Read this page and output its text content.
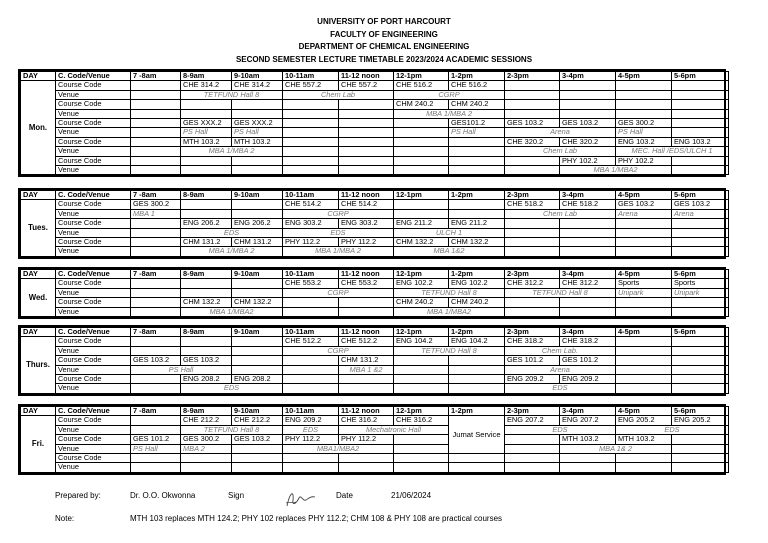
UNIVERSITY OF PORT HARCOURT
FACULTY OF ENGINEERING
DEPARTMENT OF CHEMICAL ENGINEERING
SECOND SEMESTER LECTURE TIMETABLE 2023/2024 ACADEMIC SESSIONS
DAY	C. Code/Venue	7 -8am	8-9am	9-10am	10-11am	11-12 noon	12-1pm	1-2pm	2-3pm	3-4pm	4-5pm	5-6pm
Mon.	Course Code		CHE 314.2	CHE 314.2	CHE 557.2	CHE 557.2	CHE 516.2	CHE 516.2				
	Venue		TETFUND Hall 8		Chem Lab		CGRP					
	Course Code						CHM 240.2	CHM 240.2				
	Venue						MBA 1/MBA 2					
	Course Code		GES XXX.2	GES XXX.2				GES101.2	GES 103.2	GES 103.2	GES 300.2	
	Venue		PS Hall	PS Hall				PS Hall	Arena		PS Hall	
	Course Code		MTH 103.2	MTH 103.2					CHE 320.2	CHE 320.2	ENG 103.2	ENG 103.2
	Venue		MBA 1/MBA 2						Chem Lab		MEC. Hall /EDS/ULCH 1	
	Course Code									PHY 102.2	PHY 102.2	
	Venue									MBA 1/MBA2		
DAY	C. Code/Venue	7 -8am	8-9am	9-10am	10-11am	11-12 noon	12-1pm	1-2pm	2-3pm	3-4pm	4-5pm	5-6pm
Tues.	Course Code	GES 300.2			CHE 514.2	CHE 514.2			CHE 518.2	CHE 518.2	GES 103.2	GES 103.2
	Venue	MBA 1			CGRP				Chem Lab		Arena	Arena
	Course Code		ENG 206.2	ENG 206.2	ENG 303.2	ENG 303.2	ENG 211.2	ENG 211.2				
	Venue		EDS		EDS		ULCH 1					
	Course Code		CHM 131.2	CHM 131.2	PHY 112.2	PHY 112.2	CHM 132.2	CHM 132.2				
	Venue		MBA 1/MBA 2		MBA 1/MBA 2		MBA 1&2					
DAY	C. Code/Venue	7 -8am	8-9am	9-10am	10-11am	11-12 noon	12-1pm	1-2pm	2-3pm	3-4pm	4-5pm	5-6pm
Wed.	Course Code				CHE 553.2	CHE 553.2	ENG 102.2	ENG 102.2	CHE 312.2	CHE 312.2	Sports	Sports
	Venue				CGRP		TETFUND Hall 8		TETFUND Hall 8		Unipark	Unipark
	Course Code		CHM 132.2	CHM 132.2			CHM 240.2	CHM 240.2				
	Venue		MBA 1/MBA2				MBA 1/MBA2					
DAY	C. Code/Venue	7 -8am	8-9am	9-10am	10-11am	11-12 noon	12-1pm	1-2pm	2-3pm	3-4pm	4-5pm	5-6pm
Thurs.	Course Code				CHE 512.2	CHE 512.2	ENG 104.2	ENG 104.2	CHE 318.2	CHE 318.2		
	Venue				CGRP		TETFUND Hall 8		Chem Lab.			
	Course Code	GES 103.2	GES 103.2			CHM 131.2			GES 101.2	GES 101.2		
	Venue	PS Hall				MBA 1 &2			Arena			
	Course Code		ENG 208.2	ENG 208.2					ENG 209.2	ENG 209.2		
	Venue		EDS						EDS			
DAY	C. Code/Venue	7 -8am	8-9am	9-10am	10-11am	11-12 noon	12-1pm	1-2pm	2-3pm	3-4pm	4-5pm	5-6pm
Fri.	Course Code		CHE 212.2	CHE 212.2	ENG 209.2	CHE 316.2	CHE 316.2	Jumat Service	ENG 207.2	ENG 207.2	ENG 205.2	ENG 205.2
	Venue		TETFUND Hall 8		EDS	Mechatronic Hall			EDS		EDS	
	Course Code	GES 101.2	GES 300.2	GES 103.2	PHY 112.2	PHY 112.2				MTH 103.2	MTH 103.2	
	Venue	PS Hall	MBA 2		MBA1/MBA2					MBA 1& 2		
	Course Code											
	Venue											
Prepared by:	Dr. O.O. Okwonna	Sign	Date	21/06/2024
Note:	MTH 103 replaces MTH 124.2; PHY 102 replaces PHY 112.2; CHM 108 & PHY 108 are practical courses
